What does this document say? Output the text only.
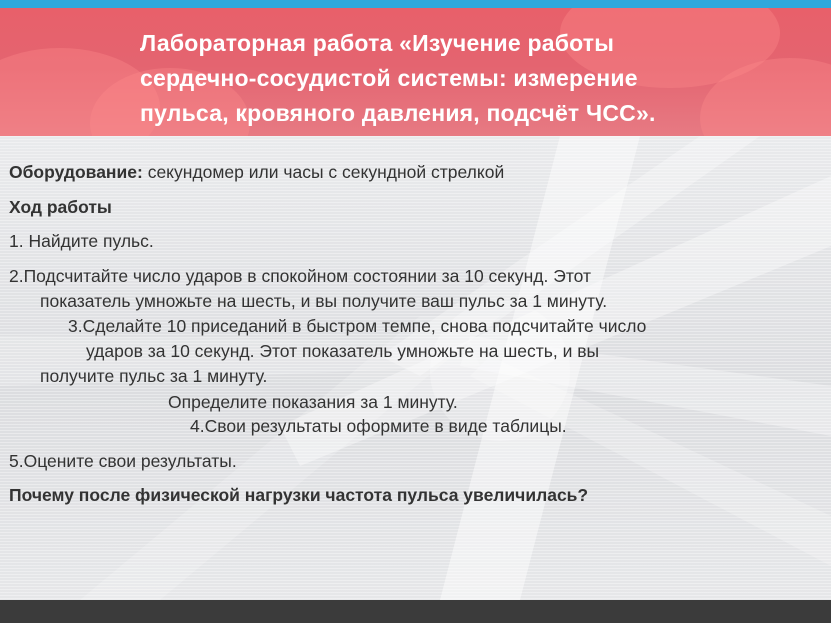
Лабораторная работа «Изучение работы
сердечно-сосудистой системы: измерение
пульса, кровяного давления, подсчёт ЧСС».
Оборудование: секундомер или часы с секундной стрелкой
Ход работы
1. Найдите пульс.
2.Подсчитайте число ударов в спокойном состоянии за 10 секунд. Этот
показатель умножьте на шесть, и вы получите ваш пульс за 1 минуту.
3.Сделайте 10 приседаний в быстром темпе, снова подсчитайте число
ударов за 10 секунд. Этот показатель умножьте на шесть, и вы
получите пульс за 1 минуту.
Определите показания за 1 минуту.
4.Свои результаты оформите в виде таблицы.
5.Оцените свои результаты.
Почему после физической нагрузки частота пульса увеличилась?
